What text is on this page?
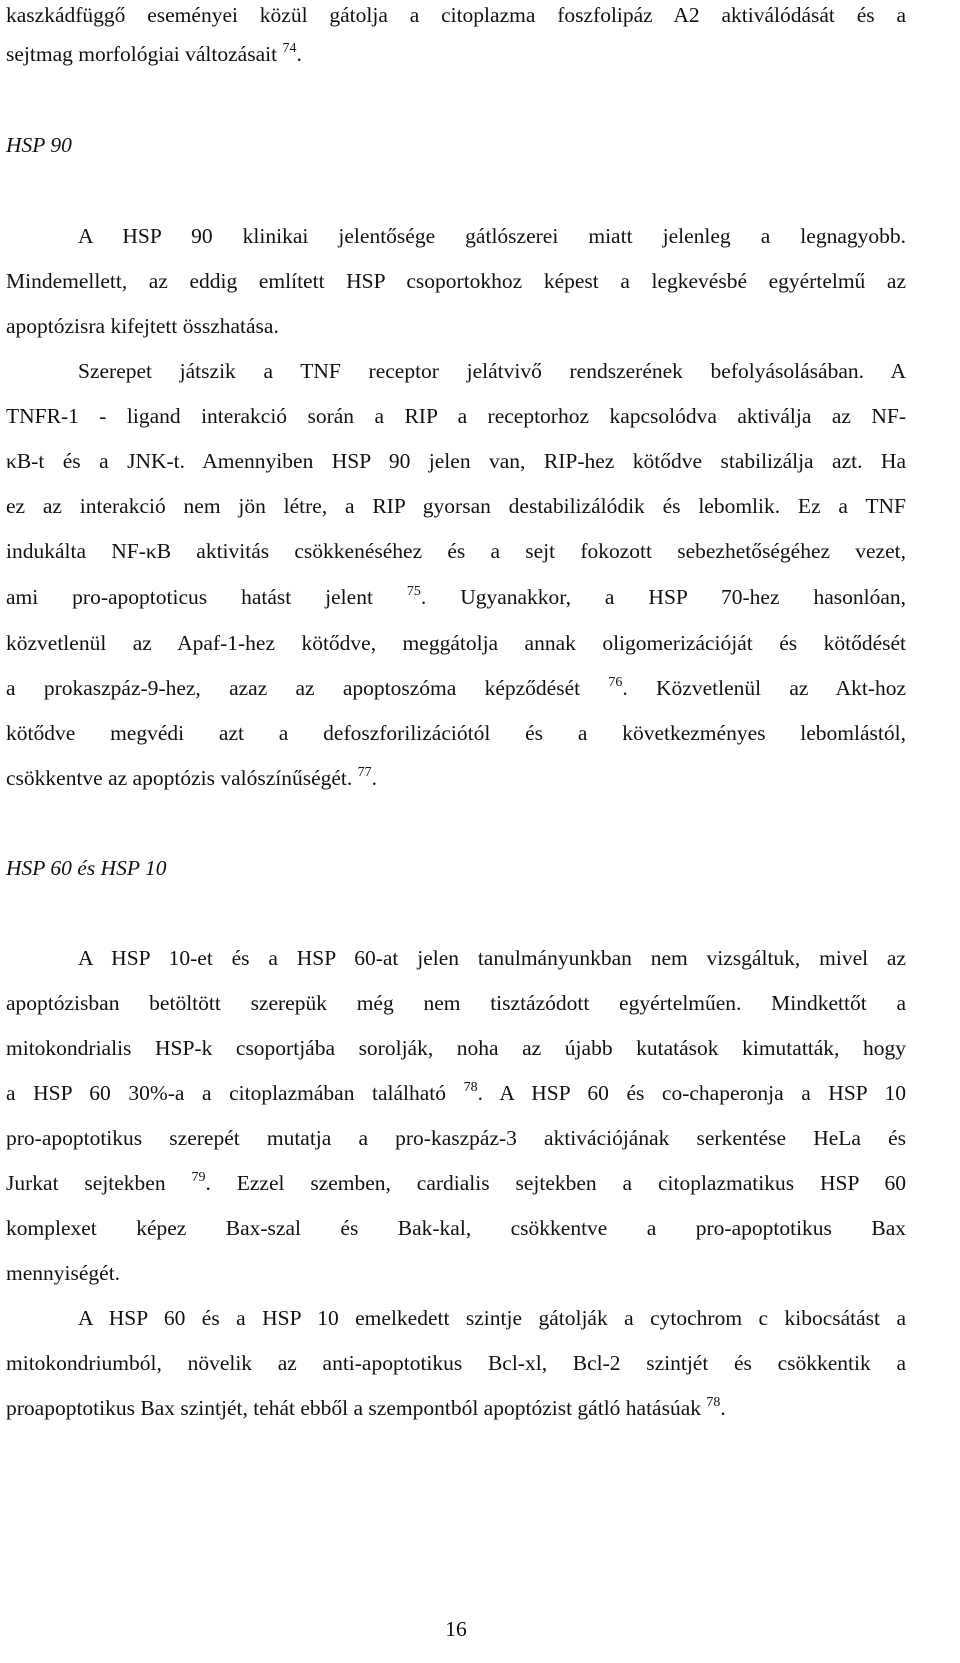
kaszkádfüggő eseményei közül gátolja a citoplazma foszfolipáz A2 aktiválódását és a
sejtmag morfológiai változásait $^{74}$.
HSP 90
A HSP 90 klinikai jelentősége gátlószerei miatt jelenleg a legnagyobb.
Mindemellett, az eddig említett HSP csoportokhoz képest a legkevésbé egyértelmű az
apoptózisra kifejtett összhatása.
Szerepet játszik a TNF receptor jelátvivő rendszerének befolyásolásában. A
TNFR-1 - ligand interakció során a RIP a receptorhoz kapcsolódva aktiválja az NF-
κB-t és a JNK-t. Amennyiben HSP 90 jelen van, RIP-hez kötődve stabilizálja azt. Ha
ez az interakció nem jön létre, a RIP gyorsan destabilizálódik és lebomlik. Ez a TNF
indukálta NF-κB aktivitás csökkenéséhez és a sejt fokozott sebezhetőségéhez vezet,
ami pro-apoptoticus hatást jelent $^{75}$. Ugyanakkor, a HSP 70-hez hasonlóan,
közvetlenül az Apaf-1-hez kötődve, meggátolja annak oligomerizációját és kötődését
a prokaszpáz-9-hez, azaz az apoptoszóma képződését $^{76}$. Közvetlenül az Akt-hoz
kötődve megvédi azt a defoszforilizációtól és a következményes lebomlástól,
csökkentve az apoptózis valószínűségét. $^{77}$.
HSP 60 és HSP 10
A HSP 10-et és a HSP 60-at jelen tanulmányunkban nem vizsgáltuk, mivel az
apoptózisban betöltött szerepük még nem tisztázódott egyértelműen. Mindkettőt a
mitokondrialis HSP-k csoportjába sorolják, noha az újabb kutatások kimutatták, hogy
a HSP 60 30%-a a citoplazmában található $^{78}$. A HSP 60 és co-chaperonja a HSP 10
pro-apoptotikus szerepét mutatja a pro-kaszpáz-3 aktivációjának serkentése HeLa és
Jurkat sejtekben $^{79}$. Ezzel szemben, cardialis sejtekben a citoplazmatikus HSP 60
komplexet képez Bax-szal és Bak-kal, csökkentve a pro-apoptotikus Bax
mennyiségét.
A HSP 60 és a HSP 10 emelkedett szintje gátolják a cytochrom c kibocsátást a
mitokondriumból, növelik az anti-apoptotikus Bcl-xl, Bcl-2 szintjét és csökkentik a
proapoptotikus Bax szintjét, tehát ebből a szempontból apoptózist gátló hatásúak $^{78}$.
16
